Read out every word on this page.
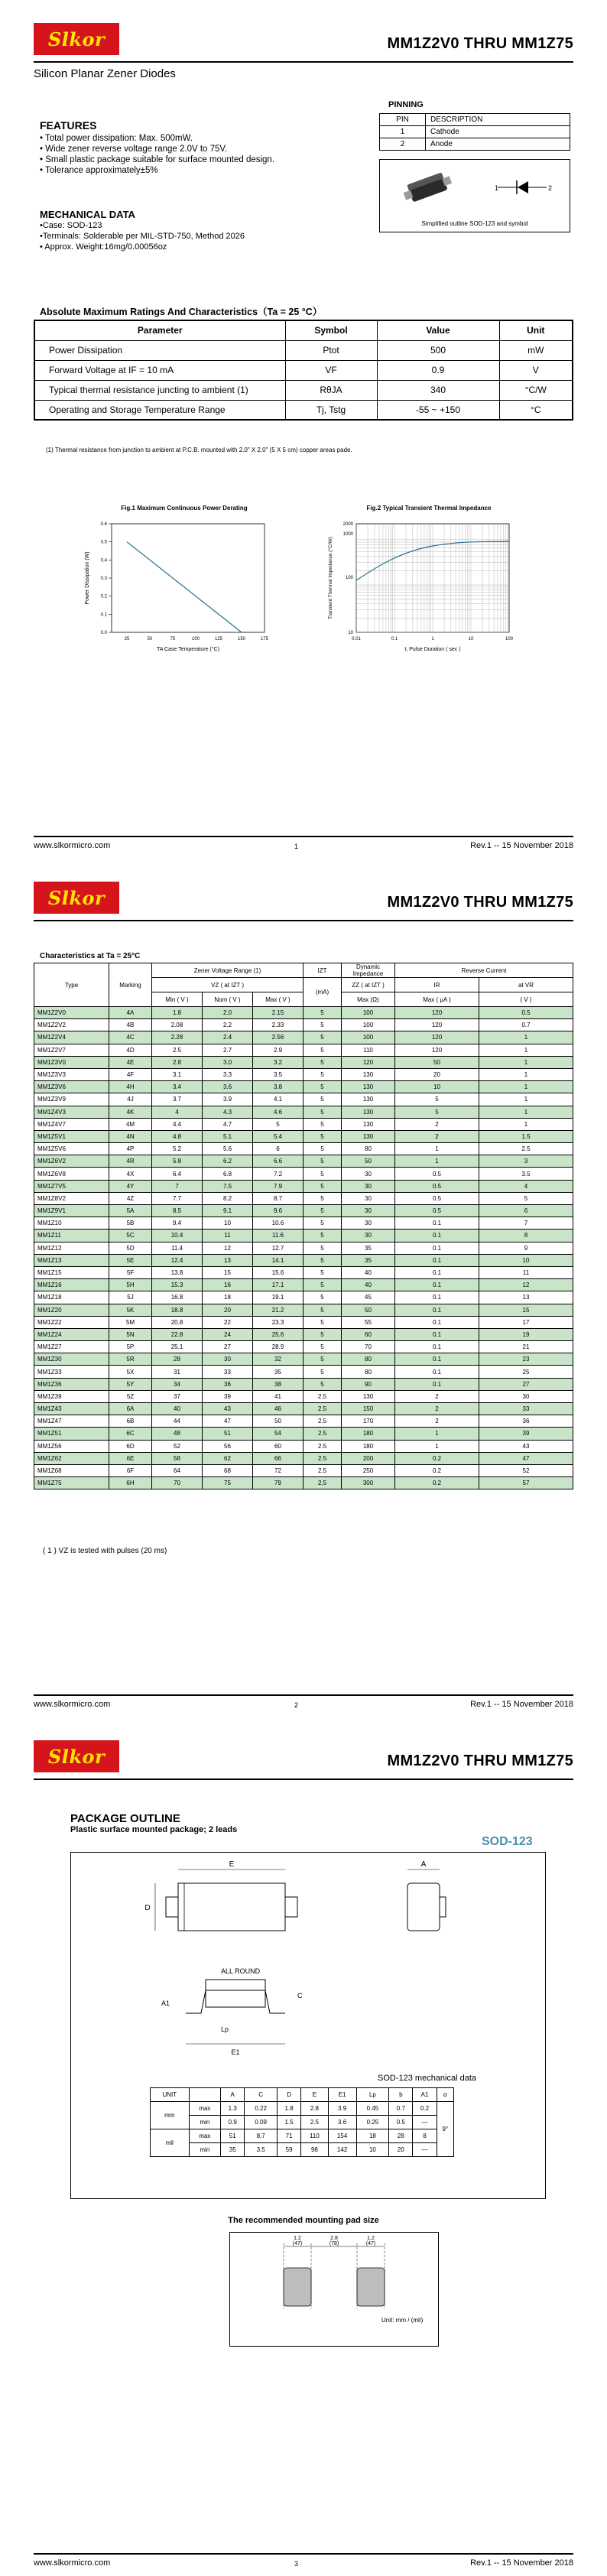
Slkor	MM1Z2V0 THRU MM1Z75
Silicon Planar Zener Diodes
FEATURES
• Total power dissipation: Max. 500mW.
• Wide zener reverse voltage range 2.0V to 75V.
• Small plastic package suitable for surface mounted design.
• Tolerance approximately±5%
MECHANICAL DATA
•Case: SOD-123
•Terminals: Solderable per MIL-STD-750, Method 2026
• Approx. Weight:16mg/0.00056oz
PINNING
PIN	DESCRIPTION
1	Cathode
2	Anode
1	2
Simplified outline SOD-123 and symbol
Absolute Maximum Ratings And Characteristics（Ta = 25 °C）
Parameter	Symbol	Value	Unit
Power Dissipation	Ptot	500	mW
Forward Voltage at IF = 10 mA	VF	0.9	V
Typical thermal resistance juncting to ambient (1)	RθJA	340	°C/W
Operating and Storage Temperature Range	Tj, Tstg	-55 ~ +150	°C
(1) Thermal resistance from junction to ambient at P.C.B. mounted with 2.0" X 2.0" (5 X 5 cm) copper areas pade.
Fig.1 Maximum Continuous Power Derating
0.6
0.5
0.4
0.3
0.2
0.1
0.0
25	50	75	100	125	150	175
TA Case Temperature (°C)
Power Dissipation (W)
Fig.2 Typical Transient Thermal Impedance
2000
1000
100
10
0.01	0.1	1	10	100
t, Pulse Duration ( sec )
Transient Thermal Impedance (°C/W)
www.slkormicro.com	1	Rev.1 -- 15 November 2018
Slkor	MM1Z2V0 THRU MM1Z75
Characteristics at Ta = 25°C
Type	Marking	Zener Voltage Range (1)			IZT	Dynamic Impedance	Reverse Current	
		VZ ( at IZT )			(mA)	ZZ ( at IZT )	IR	at VR
		Min ( V )	Nom ( V )	Max ( V )		Max (Ω)	Max ( μA )	( V )
MM1Z2V0	4A	1.8	2.0	2.15	5	100	120	0.5
MM1Z2V2	4B	2.08	2.2	2.33	5	100	120	0.7
MM1Z2V4	4C	2.28	2.4	2.56	5	100	120	1
MM1Z2V7	4D	2.5	2.7	2.9	5	110	120	1
MM1Z3V0	4E	2.8	3.0	3.2	5	120	50	1
MM1Z3V3	4F	3.1	3.3	3.5	5	130	20	1
MM1Z3V6	4H	3.4	3.6	3.8	5	130	10	1
MM1Z3V9	4J	3.7	3.9	4.1	5	130	5	1
MM1Z4V3	4K	4	4.3	4.6	5	130	5	1
MM1Z4V7	4M	4.4	4.7	5	5	130	2	1
MM1Z5V1	4N	4.8	5.1	5.4	5	130	2	1.5
MM1Z5V6	4P	5.2	5.6	6	5	80	1	2.5
MM1Z6V2	4R	5.8	6.2	6.6	5	50	1	3
MM1Z6V8	4X	6.4	6.8	7.2	5	30	0.5	3.5
MM1Z7V5	4Y	7	7.5	7.9	5	30	0.5	4
MM1Z8V2	4Z	7.7	8.2	8.7	5	30	0.5	5
MM1Z9V1	5A	8.5	9.1	9.6	5	30	0.5	6
MM1Z10	5B	9.4	10	10.6	5	30	0.1	7
MM1Z11	5C	10.4	11	11.6	5	30	0.1	8
MM1Z12	5D	11.4	12	12.7	5	35	0.1	9
MM1Z13	5E	12.4	13	14.1	5	35	0.1	10
MM1Z15	5F	13.8	15	15.6	5	40	0.1	11
MM1Z16	5H	15.3	16	17.1	5	40	0.1	12
MM1Z18	5J	16.8	18	19.1	5	45	0.1	13
MM1Z20	5K	18.8	20	21.2	5	50	0.1	15
MM1Z22	5M	20.8	22	23.3	5	55	0.1	17
MM1Z24	5N	22.8	24	25.6	5	60	0.1	19
MM1Z27	5P	25.1	27	28.9	5	70	0.1	21
MM1Z30	5R	28	30	32	5	80	0.1	23
MM1Z33	5X	31	33	35	5	80	0.1	25
MM1Z36	5Y	34	36	38	5	90	0.1	27
MM1Z39	5Z	37	39	41	2.5	130	2	30
MM1Z43	6A	40	43	46	2.5	150	2	33
MM1Z47	6B	44	47	50	2.5	170	2	36
MM1Z51	6C	48	51	54	2.5	180	1	39
MM1Z56	6D	52	56	60	2.5	180	1	43
MM1Z62	6E	58	62	66	2.5	200	0.2	47
MM1Z68	6F	64	68	72	2.5	250	0.2	52
MM1Z75	6H	70	75	79	2.5	300	0.2	57
( 1 ) VZ is tested with pulses (20 ms)
www.slkormicro.com	2	Rev.1 -- 15 November 2018
Slkor	MM1Z2V0 THRU MM1Z75
PACKAGE OUTLINE
Plastic surface mounted package; 2 leads
SOD-123
E
D
A
ALL ROUND
C
Lp
E1
A1
SOD-123 mechanical data
UNIT		A	C	D	E	E1	Lp	b	A1	α
mm	max	1.3	0.22	1.8	2.8	3.9	0.45	0.7	0.2	9°
	min	0.9	0.09	1.5	2.5	3.6	0.25	0.5	—	
mil	max	51	8.7	71	110	154	18	28	8	
	min	35	3.5	59	98	142	10	20	—	
The recommended mounting pad size
1.2
(47)
2.8
(78)
1.2
(47)
Unit: mm / (mil)
www.slkormicro.com	3	Rev.1 -- 15 November 2018
